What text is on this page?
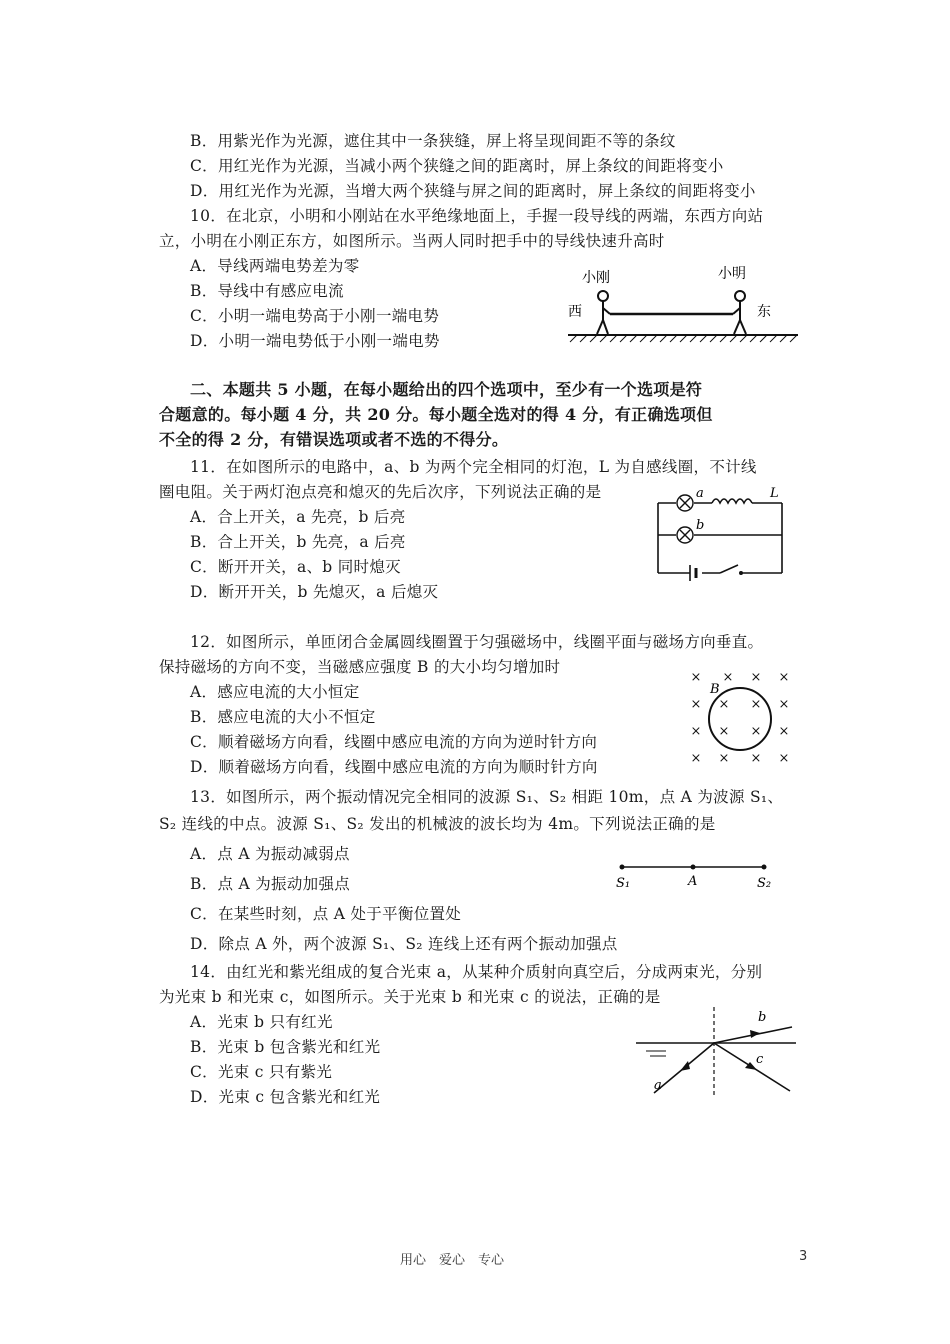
B．用紫光作为光源，遮住其中一条狭缝，屏上将呈现间距不等的条纹
C．用红光作为光源，当减小两个狭缝之间的距离时，屏上条纹的间距将变小
D．用红光作为光源，当增大两个狭缝与屏之间的距离时，屏上条纹的间距将变小
10．在北京，小明和小刚站在水平绝缘地面上，手握一段导线的两端，东西方向站
立，小明在小刚正东方，如图所示。当两人同时把手中的导线快速升高时
A．导线两端电势差为零
B．导线中有感应电流
C．小明一端电势高于小刚一端电势
D．小明一端电势低于小刚一端电势
小刚	小明
西	东
二、本题共 5 小题，在每小题给出的四个选项中，至少有一个选项是符
合题意的。每小题 4 分，共 20 分。每小题全选对的得 4 分，有正确选项但
不全的得 2 分，有错误选项或者不选的不得分。
11．在如图所示的电路中，a、b 为两个完全相同的灯泡，L 为自感线圈，不计线
圈电阻。关于两灯泡点亮和熄灭的先后次序，下列说法正确的是
A．合上开关，a 先亮，b 后亮
B．合上开关，b 先亮，a 后亮
C．断开开关，a、b 同时熄灭
D．断开开关，b 先熄灭，a 后熄灭
a
b
L
12．如图所示，单匝闭合金属圆线圈置于匀强磁场中，线圈平面与磁场方向垂直。
保持磁场的方向不变，当磁感应强度 B 的大小均匀增加时
A．感应电流的大小恒定
B．感应电流的大小不恒定
C．顺着磁场方向看，线圈中感应电流的方向为逆时针方向
D．顺着磁场方向看，线圈中感应电流的方向为顺时针方向
× × × ×
× × × ×
× × × ×
× × × ×
B
13．如图所示，两个振动情况完全相同的波源 S₁、S₂ 相距 10m，点 A 为波源 S₁、
S₂ 连线的中点。波源 S₁、S₂ 发出的机械波的波长均为 4m。下列说法正确的是
A．点 A 为振动减弱点
B．点 A 为振动加强点
C．在某些时刻，点 A 处于平衡位置处
D．除点 A 外，两个波源 S₁、S₂ 连线上还有两个振动加强点
S₁	A	S₂
14．由红光和紫光组成的复合光束 a，从某种介质射向真空后，分成两束光，分别
为光束 b 和光束 c，如图所示。关于光束 b 和光束 c 的说法，正确的是
A．光束 b 只有红光
B．光束 b 包含紫光和红光
C．光束 c 只有紫光
D．光束 c 包含紫光和红光
a
b
c
用心　爱心　专心	3
